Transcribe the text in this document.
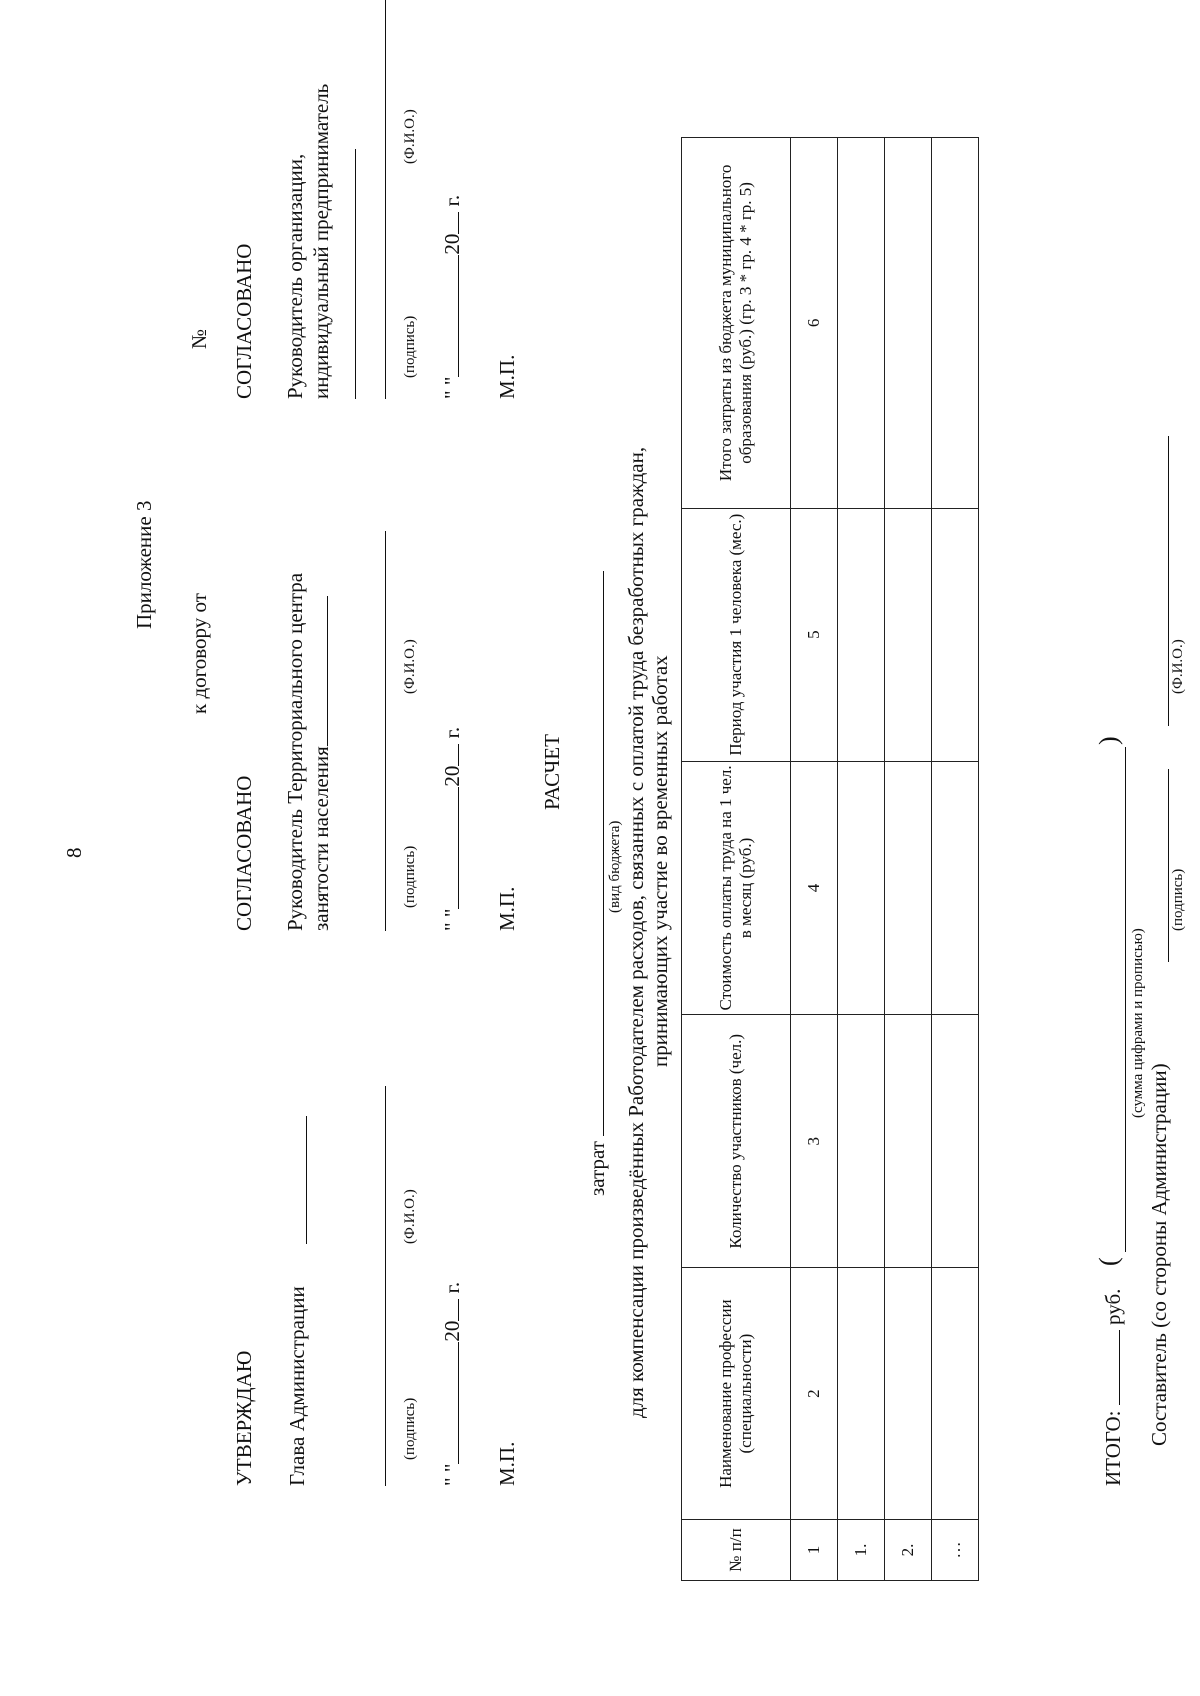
8
Приложение 3
к договору от
№
УТВЕРЖДАЮ Глава Администрации	(подпись)
(Ф.И.О.)
" "20 г.
М.П.
СОГЛАСОВАНО Руководитель Территориального центра занятости населения	(подпись)
(Ф.И.О.)
" "20 г.
М.П.
СОГЛАСОВАНО Руководитель организации, индивидуальный предприниматель	(подпись)
(Ф.И.О.)
" "20 г.
М.П.
РАСЧЕТ
затрат
(вид бюджета) для компенсации произведённых Работодателем расходов, связанных с оплатой труда безработных граждан, принимающих участие во временных работах
№ п/п	Наименование профессии (специальности)	Количество участников (чел.)	Стоимость оплаты труда на 1 чел. в месяц (руб.)	Период участия 1 человека (мес.)	Итого затраты из бюджета муниципального образования (руб.) (гр. 3 * гр. 4 * гр. 5)
1	2	3	4	5	6
1.					
2.					
…					
ИТОГО:  руб.
(
)
(сумма цифрами и прописью)
Составитель (со стороны Администрации)
(подпись)
(Ф.И.О.)
